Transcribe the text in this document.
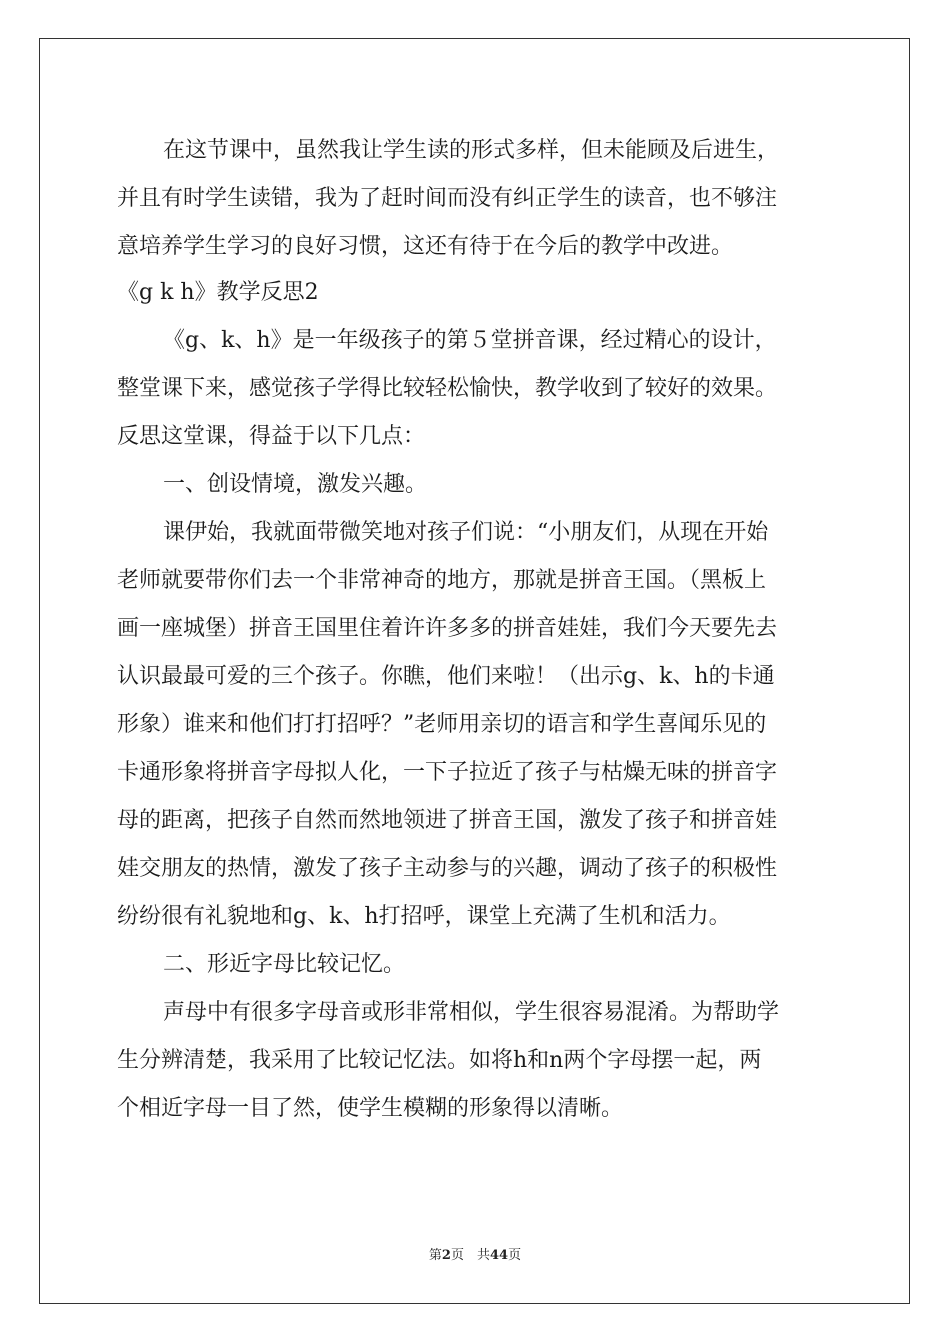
在这节课中，虽然我让学生读的形式多样，但未能顾及后进生，
并且有时学生读错，我为了赶时间而没有纠正学生的读音，也不够注
意培养学生学习的良好习惯，这还有待于在今后的教学中改进。
《g k h》教学反思2
《g、k、h》是一年级孩子的第５堂拼音课，经过精心的设计，
整堂课下来，感觉孩子学得比较轻松愉快，教学收到了较好的效果。
反思这堂课，得益于以下几点：
一、创设情境，激发兴趣。
课伊始，我就面带微笑地对孩子们说：“小朋友们，从现在开始
老师就要带你们去一个非常神奇的地方，那就是拼音王国。（黑板上
画一座城堡）拼音王国里住着许许多多的拼音娃娃，我们今天要先去
认识最最可爱的三个孩子。你瞧，他们来啦！（出示g、k、h的卡通
形象）谁来和他们打打招呼？”老师用亲切的语言和学生喜闻乐见的
卡通形象将拼音字母拟人化，一下子拉近了孩子与枯燥无味的拼音字
母的距离，把孩子自然而然地领进了拼音王国，激发了孩子和拼音娃
娃交朋友的热情，激发了孩子主动参与的兴趣，调动了孩子的积极性
纷纷很有礼貌地和g、k、h打招呼，课堂上充满了生机和活力。
二、形近字母比较记忆。
声母中有很多字母音或形非常相似，学生很容易混淆。为帮助学
生分辨清楚，我采用了比较记忆法。如将h和n两个字母摆一起，两
个相近字母一目了然，使学生模糊的形象得以清晰。
第2页　共44页
